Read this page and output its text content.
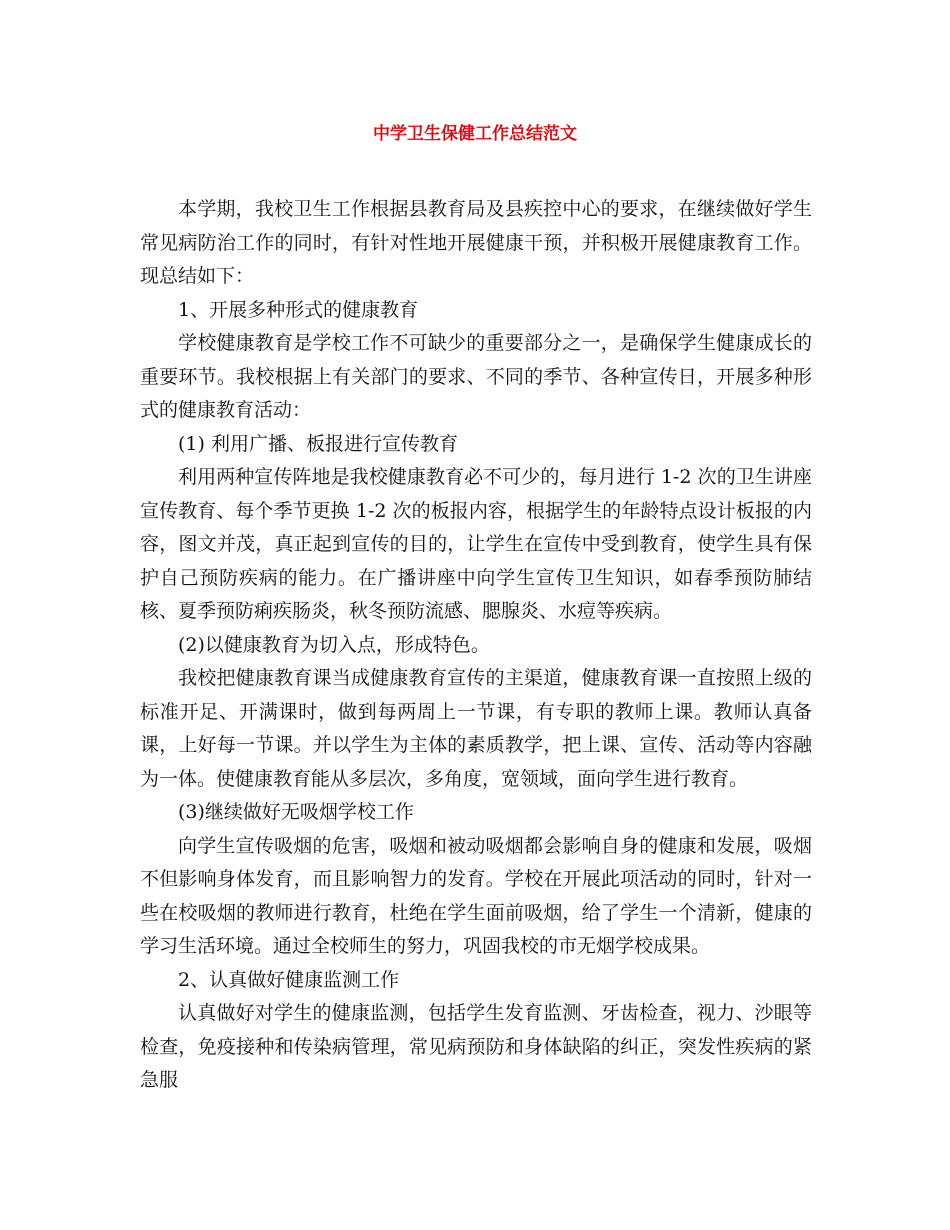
中学卫生保健工作总结范文

本学期，我校卫生工作根据县教育局及县疾控中心的要求，在继续做好学生常见病防治工作的同时，有针对性地开展健康干预，并积极开展健康教育工作。现总结如下：

1、开展多种形式的健康教育

学校健康教育是学校工作不可缺少的重要部分之一，是确保学生健康成长的重要环节。我校根据上有关部门的要求、不同的季节、各种宣传日，开展多种形式的健康教育活动：

(1) 利用广播、板报进行宣传教育

利用两种宣传阵地是我校健康教育必不可少的，每月进行 1-2 次的卫生讲座宣传教育、每个季节更换 1-2 次的板报内容，根据学生的年龄特点设计板报的内容，图文并茂，真正起到宣传的目的，让学生在宣传中受到教育，使学生具有保护自己预防疾病的能力。在广播讲座中向学生宣传卫生知识，如春季预防肺结核、夏季预防痢疾肠炎，秋冬预防流感、腮腺炎、水痘等疾病。

(2)以健康教育为切入点，形成特色。

我校把健康教育课当成健康教育宣传的主渠道，健康教育课一直按照上级的标准开足、开满课时，做到每两周上一节课，有专职的教师上课。教师认真备课，上好每一节课。并以学生为主体的素质教学，把上课、宣传、活动等内容融为一体。使健康教育能从多层次，多角度，宽领域，面向学生进行教育。

(3)继续做好无吸烟学校工作

向学生宣传吸烟的危害，吸烟和被动吸烟都会影响自身的健康和发展，吸烟不但影响身体发育，而且影响智力的发育。学校在开展此项活动的同时，针对一些在校吸烟的教师进行教育，杜绝在学生面前吸烟，给了学生一个清新，健康的学习生活环境。通过全校师生的努力，巩固我校的市无烟学校成果。

2、认真做好健康监测工作

认真做好对学生的健康监测，包括学生发育监测、牙齿检查，视力、沙眼等检查，免疫接种和传染病管理，常见病预防和身体缺陷的纠正，突发性疾病的紧急服
